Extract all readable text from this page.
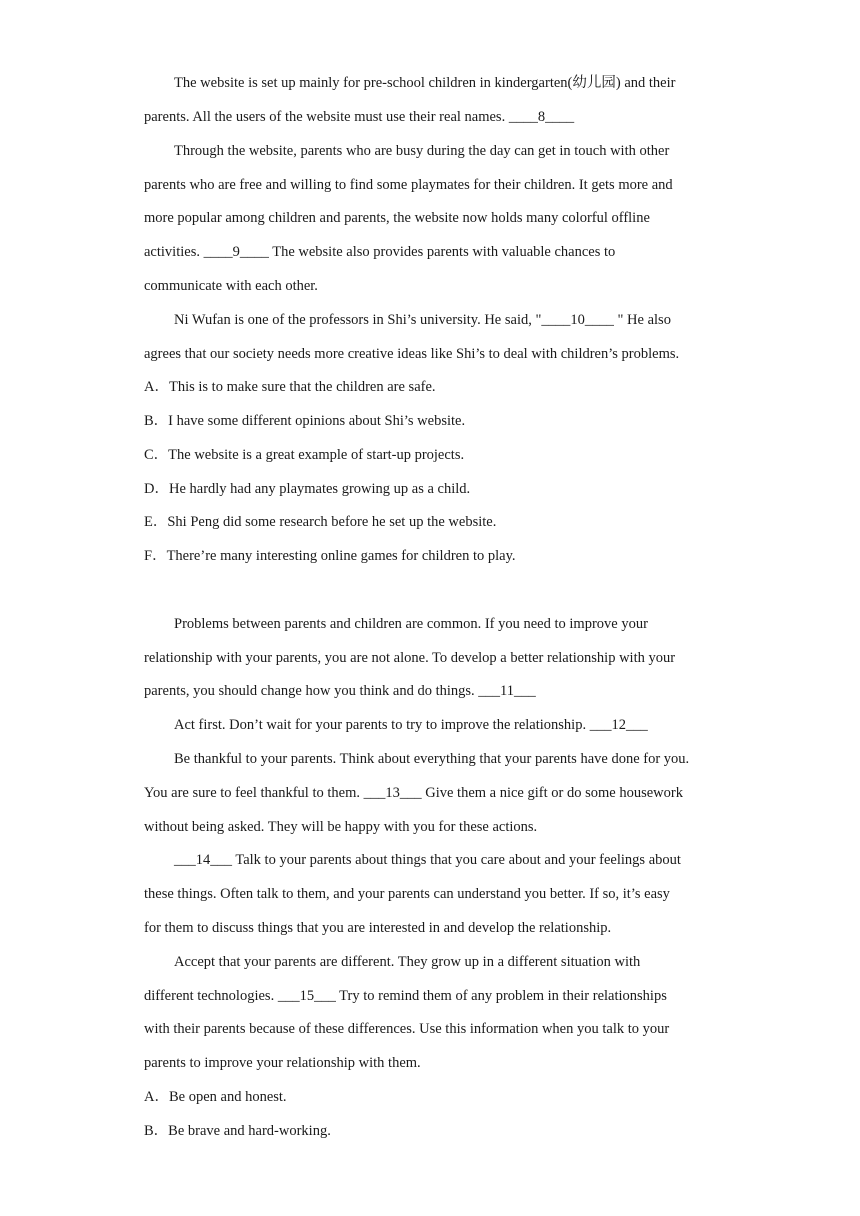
The website is set up mainly for pre-school children in kindergarten(幼儿园) and their
parents. All the users of the website must use their real names. ____8____
Through the website, parents who are busy during the day can get in touch with other
parents who are free and willing to find some playmates for their children. It gets more and
more popular among children and parents, the website now holds many colorful offline
activities. ____9____ The website also provides parents with valuable chances to
communicate with each other.
Ni Wufan is one of the professors in Shi’s university. He said, "____10____ " He also
agrees that our society needs more creative ideas like Shi’s to deal with children’s problems.
A．This is to make sure that the children are safe.
B．I have some different opinions about Shi’s website.
C．The website is a great example of start-up projects.
D．He hardly had any playmates growing up as a child.
E．Shi Peng did some research before he set up the website.
F．There’re many interesting online games for children to play.
Problems between parents and children are common. If you need to improve your
relationship with your parents, you are not alone. To develop a better relationship with your
parents, you should change how you think and do things. ___11___
Act first. Don’t wait for your parents to try to improve the relationship. ___12___
Be thankful to your parents. Think about everything that your parents have done for you.
You are sure to feel thankful to them. ___13___ Give them a nice gift or do some housework
without being asked. They will be happy with you for these actions.
___14___ Talk to your parents about things that you care about and your feelings about
these things. Often talk to them, and your parents can understand you better. If so, it’s easy
for them to discuss things that you are interested in and develop the relationship.
Accept that your parents are different. They grow up in a different situation with
different technologies. ___15___ Try to remind them of any problem in their relationships
with their parents because of these differences. Use this information when you talk to your
parents to improve your relationship with them.
A．Be open and honest.
B．Be brave and hard-working.
